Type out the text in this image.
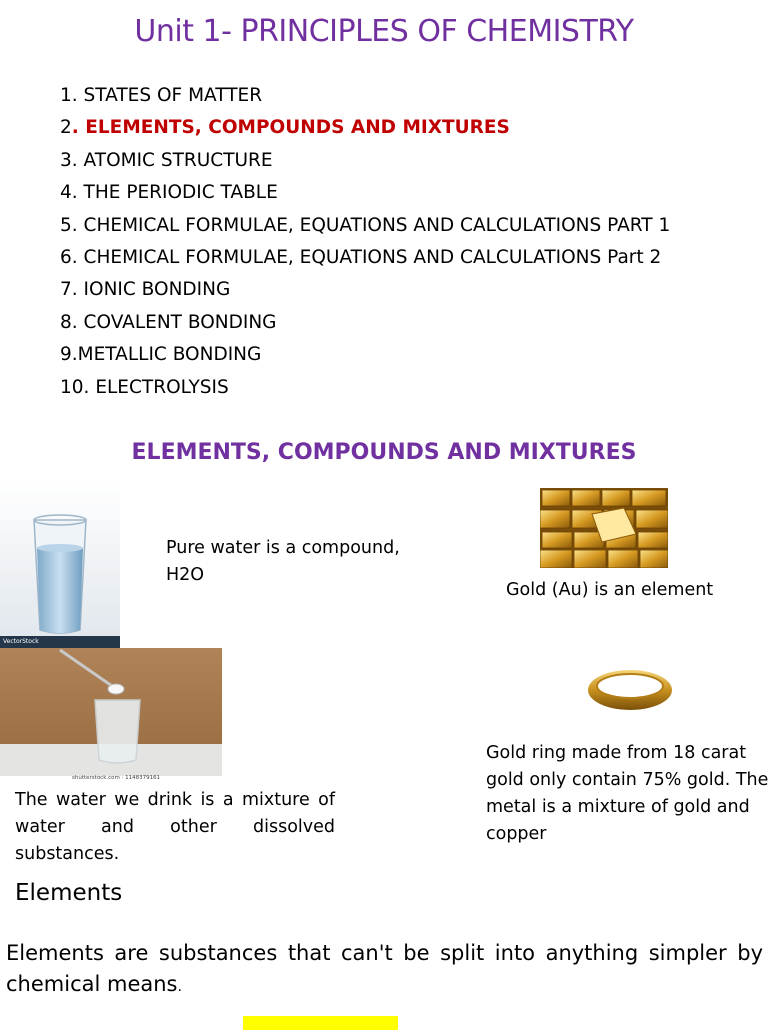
Unit 1- PRINCIPLES OF CHEMISTRY
1. STATES OF MATTER
2. ELEMENTS, COMPOUNDS AND MIXTURES
3. ATOMIC STRUCTURE
4. THE PERIODIC TABLE
5. CHEMICAL FORMULAE, EQUATIONS AND CALCULATIONS PART 1
6. CHEMICAL FORMULAE, EQUATIONS AND CALCULATIONS Part 2
7. IONIC BONDING
8. COVALENT BONDING
9.METALLIC BONDING
10. ELECTROLYSIS
ELEMENTS, COMPOUNDS AND MIXTURES
VectorStock
shutterstock.com · 1148379161
Pure water is a compound, H2O
Gold (Au) is an element
The water we drink is a mixture of water and other dissolved substances.
Gold ring made from 18 carat gold only contain 75% gold. The metal is a mixture of gold and copper
Elements
Elements are substances that can't be split into anything simpler by chemical means.
